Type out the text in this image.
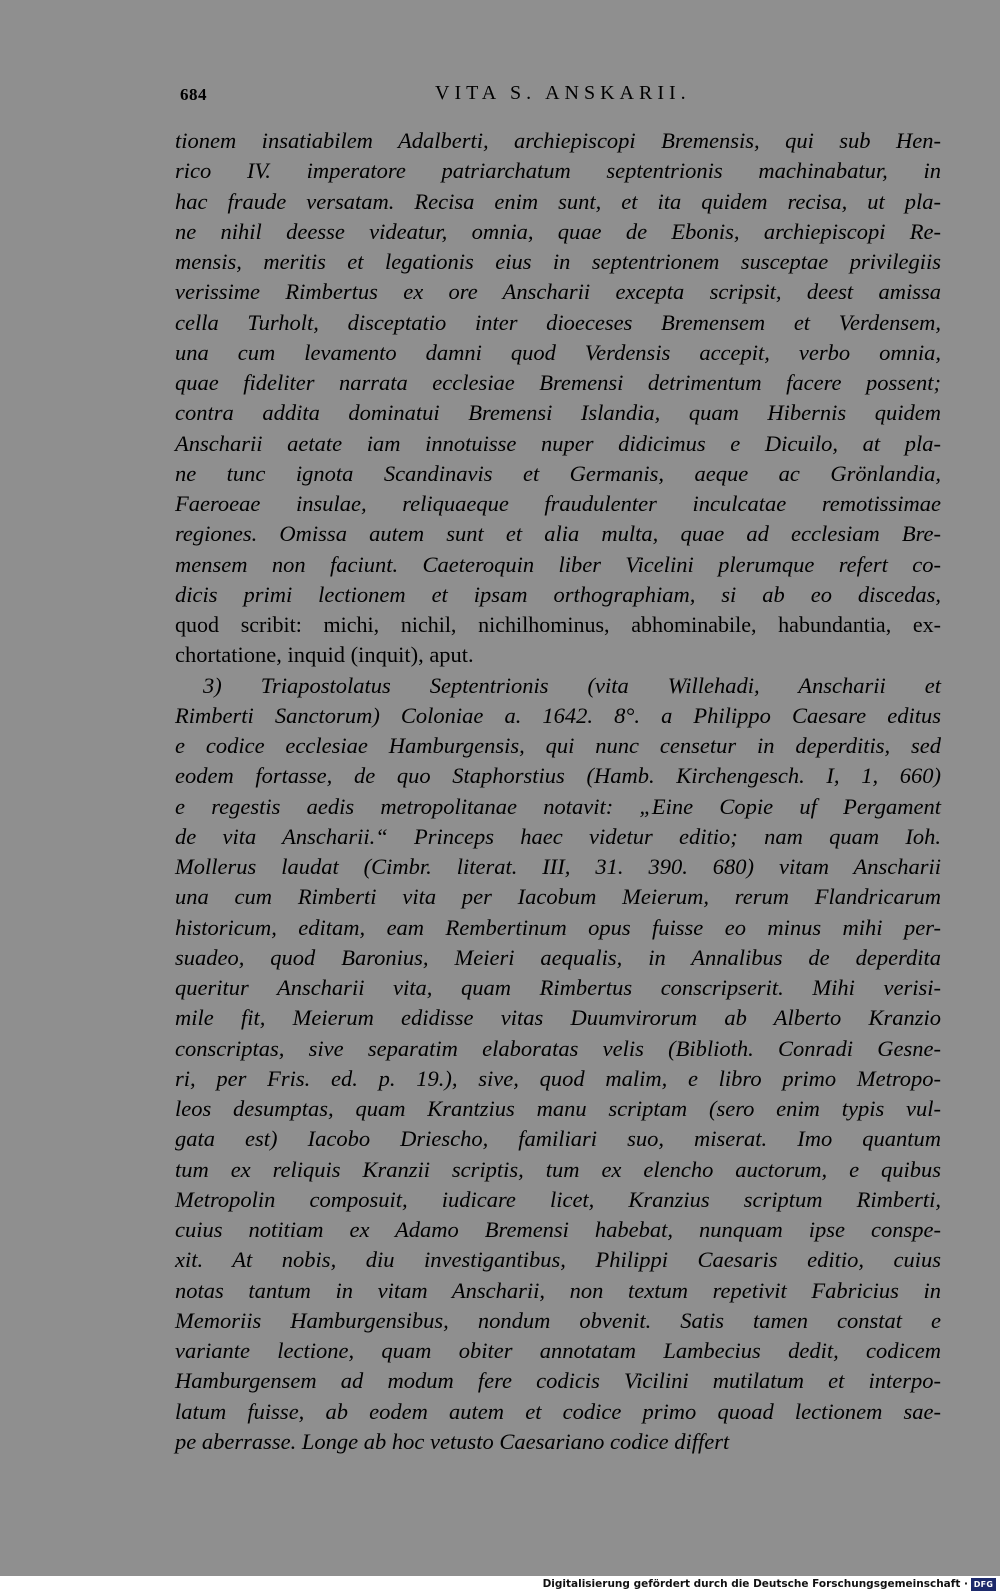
684	VITA S. ANSKARII.
tionem insatiabilem Adalberti, archiepiscopi Bremensis, qui sub Hen-
rico IV. imperatore patriarchatum septentrionis machinabatur, in
hac fraude versatam. Recisa enim sunt, et ita quidem recisa, ut pla-
ne nihil deesse videatur, omnia, quae de Ebonis, archiepiscopi Re-
mensis, meritis et legationis eius in septentrionem susceptae privilegiis
verissime Rimbertus ex ore Anscharii excepta scripsit, deest amissa
cella Turholt, disceptatio inter dioeceses Bremensem et Verdensem,
una cum levamento damni quod Verdensis accepit, verbo omnia,
quae fideliter narrata ecclesiae Bremensi detrimentum facere possent;
contra addita dominatui Bremensi Islandia, quam Hibernis quidem
Anscharii aetate iam innotuisse nuper didicimus e Dicuilo, at pla-
ne tunc ignota Scandinavis et Germanis, aeque ac Grönlandia,
Faeroeae insulae, reliquaeque fraudulenter inculcatae remotissimae
regiones. Omissa autem sunt et alia multa, quae ad ecclesiam Bre-
mensem non faciunt. Caeteroquin liber Vicelini plerumque refert co-
dicis primi lectionem et ipsam orthographiam, si ab eo discedas,
quod scribit: michi, nichil, nichilhominus, abhominabile, habundantia, ex-
chortatione, inquid (inquit), aput.
3) Triapostolatus Septentrionis (vita Willehadi, Anscharii et
Rimberti Sanctorum) Coloniae a. 1642. 8°. a Philippo Caesare editus
e codice ecclesiae Hamburgensis, qui nunc censetur in deperditis, sed
eodem fortasse, de quo Staphorstius (Hamb. Kirchengesch. I, 1, 660)
e regestis aedis metropolitanae notavit: „Eine Copie uf Pergament
de vita Anscharii.“ Princeps haec videtur editio; nam quam Ioh.
Mollerus laudat (Cimbr. literat. III, 31. 390. 680) vitam Anscharii
una cum Rimberti vita per Iacobum Meierum, rerum Flandricarum
historicum, editam, eam Rembertinum opus fuisse eo minus mihi per-
suadeo, quod Baronius, Meieri aequalis, in Annalibus de deperdita
queritur Anscharii vita, quam Rimbertus conscripserit. Mihi verisi-
mile fit, Meierum edidisse vitas Duumvirorum ab Alberto Kranzio
conscriptas, sive separatim elaboratas velis (Biblioth. Conradi Gesne-
ri, per Fris. ed. p. 19.), sive, quod malim, e libro primo Metropo-
leos desumptas, quam Krantzius manu scriptam (sero enim typis vul-
gata est) Iacobo Driescho, familiari suo, miserat. Imo quantum
tum ex reliquis Kranzii scriptis, tum ex elencho auctorum, e quibus
Metropolin composuit, iudicare licet, Kranzius scriptum Rimberti,
cuius notitiam ex Adamo Bremensi habebat, nunquam ipse conspe-
xit. At nobis, diu investigantibus, Philippi Caesaris editio, cuius
notas tantum in vitam Anscharii, non textum repetivit Fabricius in
Memoriis Hamburgensibus, nondum obvenit. Satis tamen constat e
variante lectione, quam obiter annotatam Lambecius dedit, codicem
Hamburgensem ad modum fere codicis Vicilini mutilatum et interpo-
latum fuisse, ab eodem autem et codice primo quoad lectionem sae-
pe aberrasse. Longe ab hoc vetusto Caesariano codice differt
Digitalisierung gefördert durch die Deutsche Forschungsgemeinschaft · DFG
